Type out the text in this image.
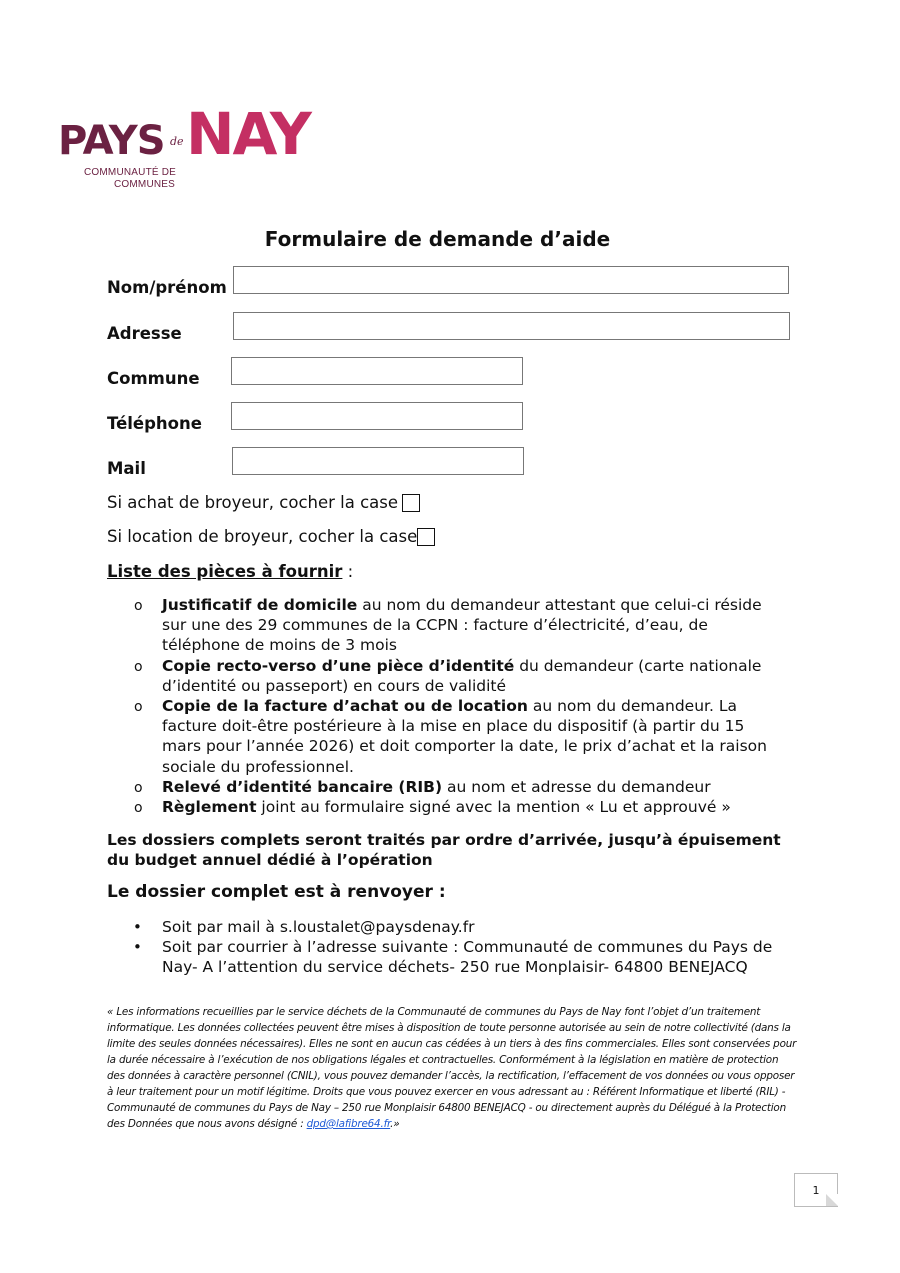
PAYS de NAY
COMMUNAUTÉ DE
COMMUNES
Formulaire de demande d’aide
Nom/prénom
Adresse
Commune
Téléphone
Mail
Si achat de broyeur, cocher la case
Si location de broyeur, cocher la case
Liste des pièces à fournir :
o Justificatif de domicile au nom du demandeur attestant que celui-ci réside sur une des 29 communes de la CCPN : facture d’électricité, d’eau, de téléphone de moins de 3 mois
o Copie recto-verso d’une pièce d’identité du demandeur (carte nationale d’identité ou passeport) en cours de validité
o Copie de la facture d’achat ou de location au nom du demandeur. La facture doit-être postérieure à la mise en place du dispositif (à partir du 15 mars pour l’année 2026) et doit comporter la date, le prix d’achat et la raison sociale du professionnel.
o Relevé d’identité bancaire (RIB) au nom et adresse du demandeur
o Règlement joint au formulaire signé avec la mention « Lu et approuvé »
Les dossiers complets seront traités par ordre d’arrivée, jusqu’à épuisement du budget annuel dédié à l’opération
Le dossier complet est à renvoyer :
• Soit par mail à s.loustalet@paysdenay.fr
• Soit par courrier à l’adresse suivante : Communauté de communes du Pays de Nay- A l’attention du service déchets- 250 rue Monplaisir- 64800 BENEJACQ
« Les informations recueillies par le service déchets de la Communauté de communes du Pays de Nay font l’objet d’un traitement informatique. Les données collectées peuvent être mises à disposition de toute personne autorisée au sein de notre collectivité (dans la limite des seules données nécessaires). Elles ne sont en aucun cas cédées à un tiers à des fins commerciales. Elles sont conservées pour la durée nécessaire à l’exécution de nos obligations légales et contractuelles. Conformément à la législation en matière de protection des données à caractère personnel (CNIL), vous pouvez demander l’accès, la rectification, l’effacement de vos données ou vous opposer à leur traitement pour un motif légitime. Droits que vous pouvez exercer en vous adressant au : Référent Informatique et liberté (RIL) - Communauté de communes du Pays de Nay – 250 rue Monplaisir 64800 BENEJACQ - ou directement auprès du Délégué à la Protection des Données que nous avons désigné : dpd@lafibre64.fr.»
1
